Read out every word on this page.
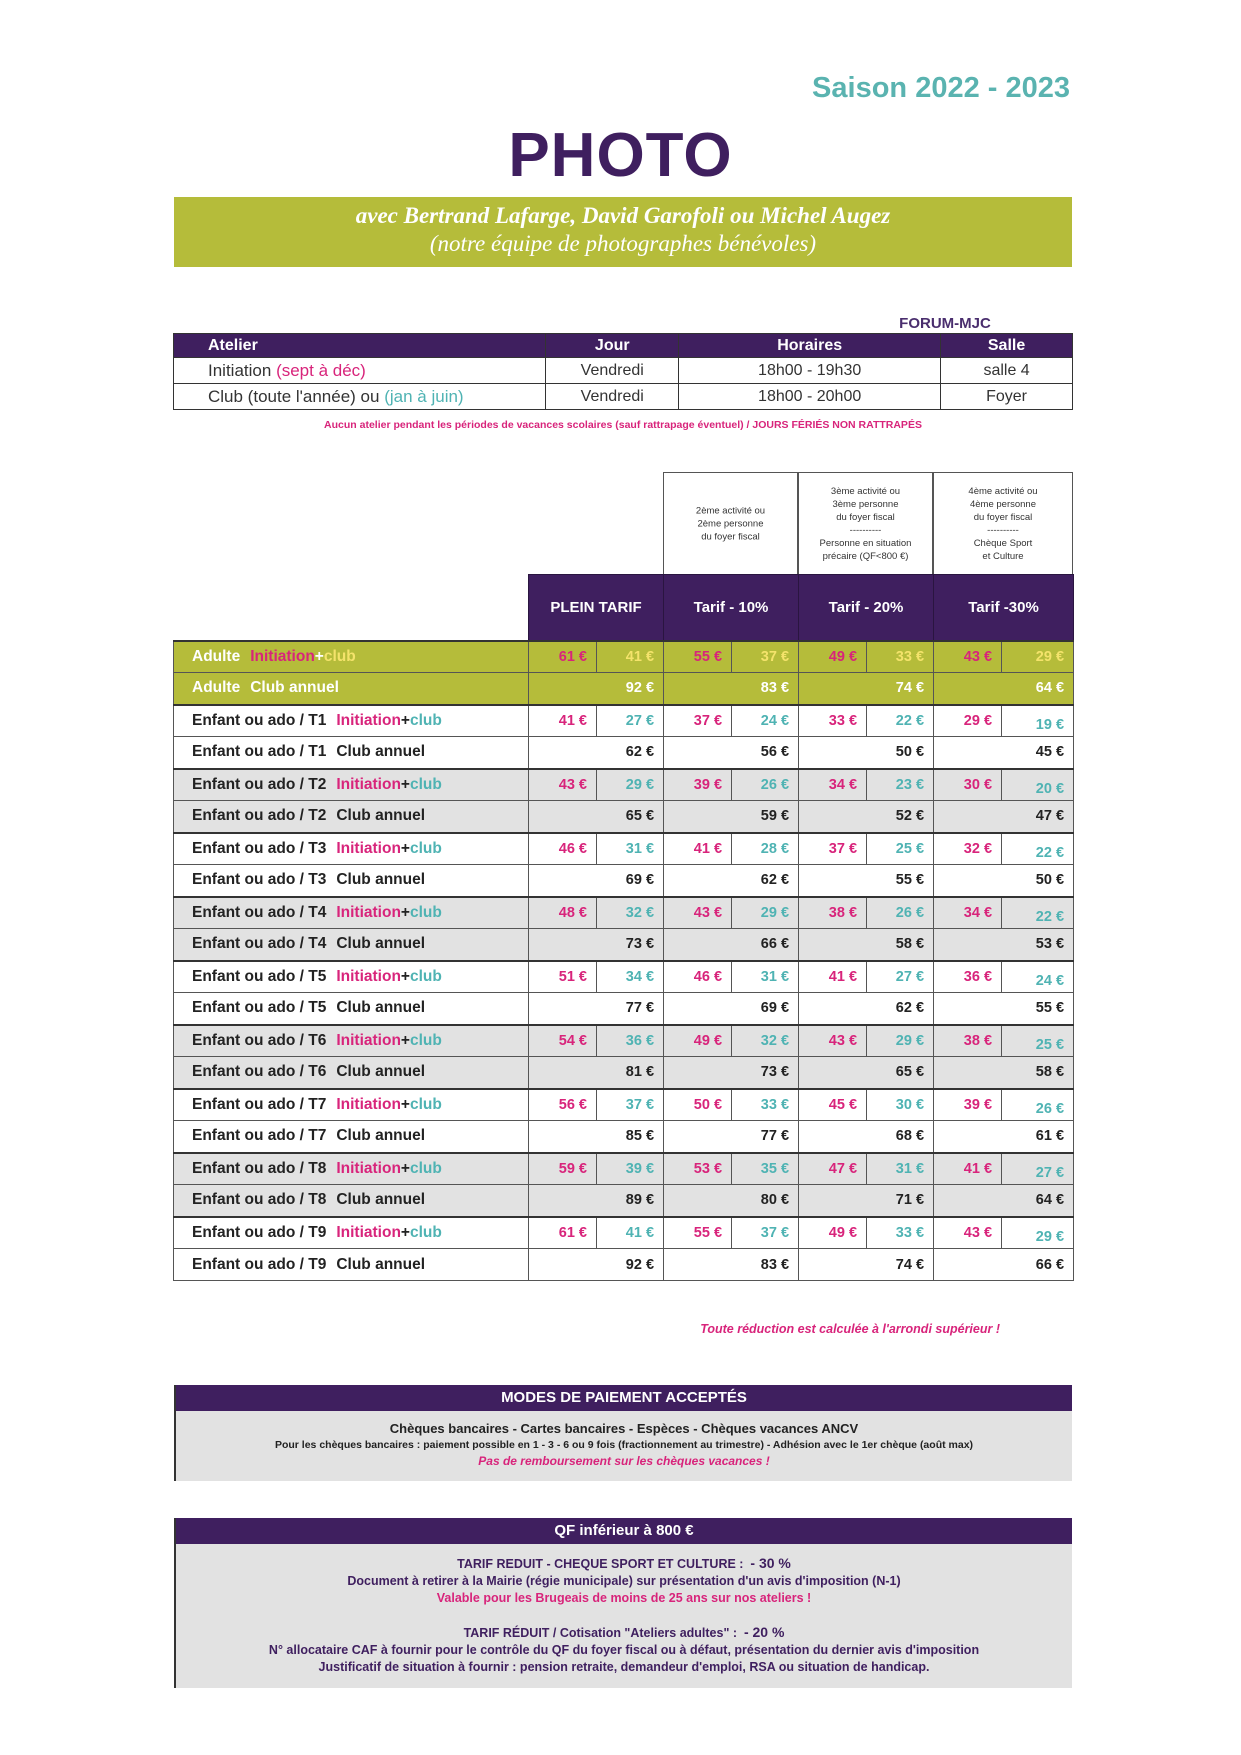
Saison 2022 - 2023
PHOTO
avec Bertrand Lafarge, David Garofoli ou Michel Augez
(notre équipe de photographes bénévoles)
FORUM-MJC
Atelier	Jour	Horaires	Salle
Initiation (sept à déc)	Vendredi	18h00 - 19h30	salle 4
Club (toute l'année) ou (jan à juin)	Vendredi	18h00 - 20h00	Foyer
Aucun atelier pendant les périodes de vacances scolaires (sauf rattrapage éventuel) / JOURS FÉRIÉS NON RATTRAPÉS
2ème activité ou
2ème personne
du foyer fiscal
3ème activité ou
3ème personne
du foyer fiscal
----------
Personne en situation
précaire (QF<800 €)
4ème activité ou
4ème personne
du foyer fiscal
----------
Chèque Sport
et Culture
	PLEIN TARIF		Tarif - 10%		Tarif - 20%		Tarif -30%	
Adulte Initiation+club	61 €	41 €	55 €	37 €	49 €	33 €	43 €	29 €
Adulte Club annuel	92 €		83 €		74 €		64 €	
Enfant ou ado / T1 Initiation+club	41 €	27 €	37 €	24 €	33 €	22 €	29 €	19 €
Enfant ou ado / T1 Club annuel	62 €		56 €		50 €		45 €	
Enfant ou ado / T2 Initiation+club	43 €	29 €	39 €	26 €	34 €	23 €	30 €	20 €
Enfant ou ado / T2 Club annuel	65 €		59 €		52 €		47 €	
Enfant ou ado / T3 Initiation+club	46 €	31 €	41 €	28 €	37 €	25 €	32 €	22 €
Enfant ou ado / T3 Club annuel	69 €		62 €		55 €		50 €	
Enfant ou ado / T4 Initiation+club	48 €	32 €	43 €	29 €	38 €	26 €	34 €	22 €
Enfant ou ado / T4 Club annuel	73 €		66 €		58 €		53 €	
Enfant ou ado / T5 Initiation+club	51 €	34 €	46 €	31 €	41 €	27 €	36 €	24 €
Enfant ou ado / T5 Club annuel	77 €		69 €		62 €		55 €	
Enfant ou ado / T6 Initiation+club	54 €	36 €	49 €	32 €	43 €	29 €	38 €	25 €
Enfant ou ado / T6 Club annuel	81 €		73 €		65 €		58 €	
Enfant ou ado / T7 Initiation+club	56 €	37 €	50 €	33 €	45 €	30 €	39 €	26 €
Enfant ou ado / T7 Club annuel	85 €		77 €		68 €		61 €	
Enfant ou ado / T8 Initiation+club	59 €	39 €	53 €	35 €	47 €	31 €	41 €	27 €
Enfant ou ado / T8 Club annuel	89 €		80 €		71 €		64 €	
Enfant ou ado / T9 Initiation+club	61 €	41 €	55 €	37 €	49 €	33 €	43 €	29 €
Enfant ou ado / T9 Club annuel	92 €		83 €		74 €		66 €	
Toute réduction est calculée à l'arrondi supérieur !
MODES DE PAIEMENT ACCEPTÉS
Chèques bancaires - Cartes bancaires - Espèces - Chèques vacances ANCV
Pour les chèques bancaires : paiement possible en 1 - 3 - 6 ou 9 fois (fractionnement au trimestre) - Adhésion avec le 1er chèque (août max)
Pas de remboursement sur les chèques vacances !
QF inférieur à 800 €
TARIF REDUIT - CHEQUE SPORT ET CULTURE : - 30 %
Document à retirer à la Mairie (régie municipale) sur présentation d'un avis d'imposition (N-1)
Valable pour les Brugeais de moins de 25 ans sur nos ateliers !
TARIF RÉDUIT / Cotisation "Ateliers adultes" : - 20 %
N° allocataire CAF à fournir pour le contrôle du QF du foyer fiscal ou à défaut, présentation du dernier avis d'imposition
Justificatif de situation à fournir : pension retraite, demandeur d'emploi, RSA ou situation de handicap.
